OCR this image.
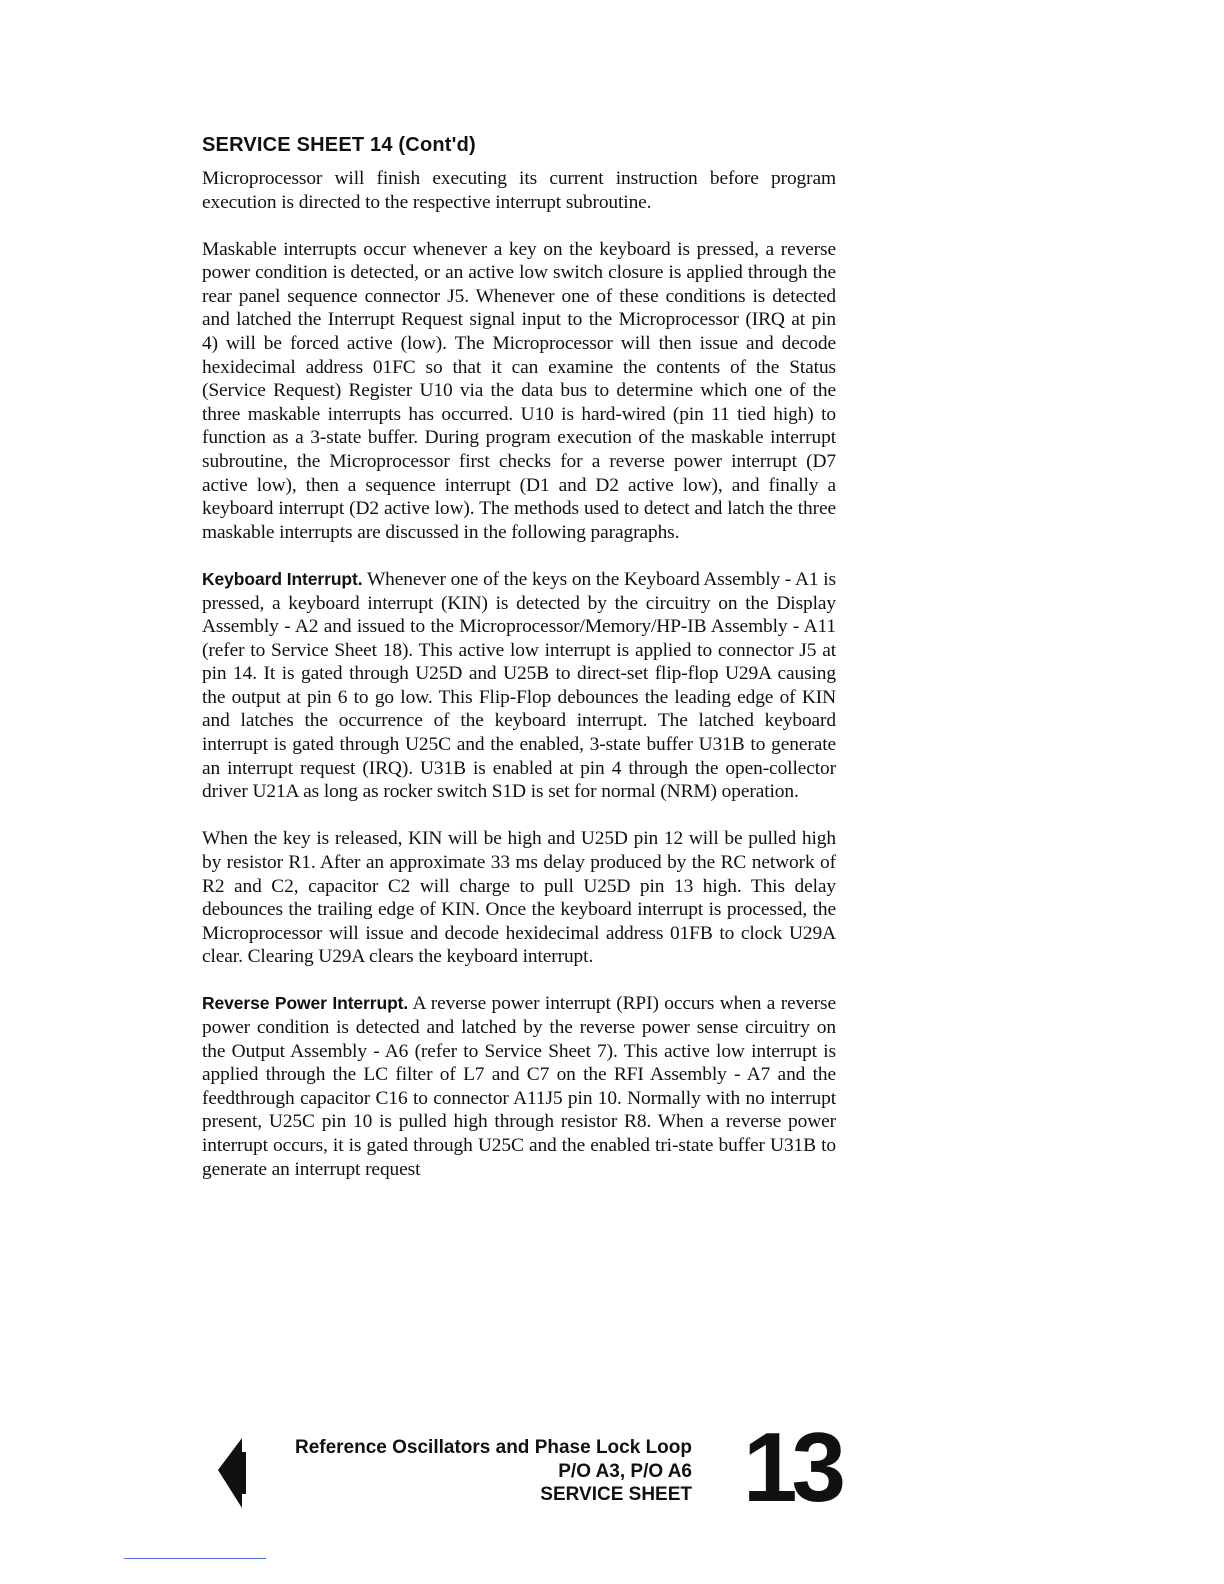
SERVICE SHEET 14 (Cont'd)

Microprocessor will finish executing its current instruction before program execution is directed to the respective interrupt subroutine.

Maskable interrupts occur whenever a key on the keyboard is pressed, a reverse power condition is detected, or an active low switch closure is applied through the rear panel sequence connector J5. Whenever one of these conditions is detected and latched the Interrupt Request signal input to the Microprocessor (IRQ at pin 4) will be forced active (low). The Microprocessor will then issue and decode hexidecimal address 01FC so that it can examine the contents of the Status (Service Request) Register U10 via the data bus to determine which one of the three maskable interrupts has occurred. U10 is hard-wired (pin 11 tied high) to function as a 3-state buffer. During program execution of the maskable interrupt subroutine, the Microprocessor first checks for a reverse power interrupt (D7 active low), then a sequence interrupt (D1 and D2 active low), and finally a keyboard interrupt (D2 active low). The methods used to detect and latch the three maskable interrupts are discussed in the following paragraphs.

Keyboard Interrupt. Whenever one of the keys on the Keyboard Assembly - A1 is pressed, a keyboard interrupt (KIN) is detected by the circuitry on the Display Assembly - A2 and issued to the Microprocessor/Memory/HP-IB Assembly - A11 (refer to Service Sheet 18). This active low interrupt is applied to connector J5 at pin 14. It is gated through U25D and U25B to direct-set flip-flop U29A causing the output at pin 6 to go low. This Flip-Flop debounces the leading edge of KIN and latches the occurrence of the keyboard interrupt. The latched keyboard interrupt is gated through U25C and the enabled, 3-state buffer U31B to generate an interrupt request (IRQ). U31B is enabled at pin 4 through the open-collector driver U21A as long as rocker switch S1D is set for normal (NRM) operation.

When the key is released, KIN will be high and U25D pin 12 will be pulled high by resistor R1. After an approximate 33 ms delay produced by the RC network of R2 and C2, capacitor C2 will charge to pull U25D pin 13 high. This delay debounces the trailing edge of KIN. Once the keyboard interrupt is processed, the Microprocessor will issue and decode hexidecimal address 01FB to clock U29A clear. Clearing U29A clears the keyboard interrupt.

Reverse Power Interrupt. A reverse power interrupt (RPI) occurs when a reverse power condition is detected and latched by the reverse power sense circuitry on the Output Assembly - A6 (refer to Service Sheet 7). This active low interrupt is applied through the LC filter of L7 and C7 on the RFI Assembly - A7 and the feedthrough capacitor C16 to connector A11J5 pin 10. Normally with no interrupt present, U25C pin 10 is pulled high through resistor R8. When a reverse power interrupt occurs, it is gated through U25C and the enabled tri-state buffer U31B to generate an interrupt request

Reference Oscillators and Phase Lock Loop
P/O A3, P/O A6
SERVICE SHEET 13
